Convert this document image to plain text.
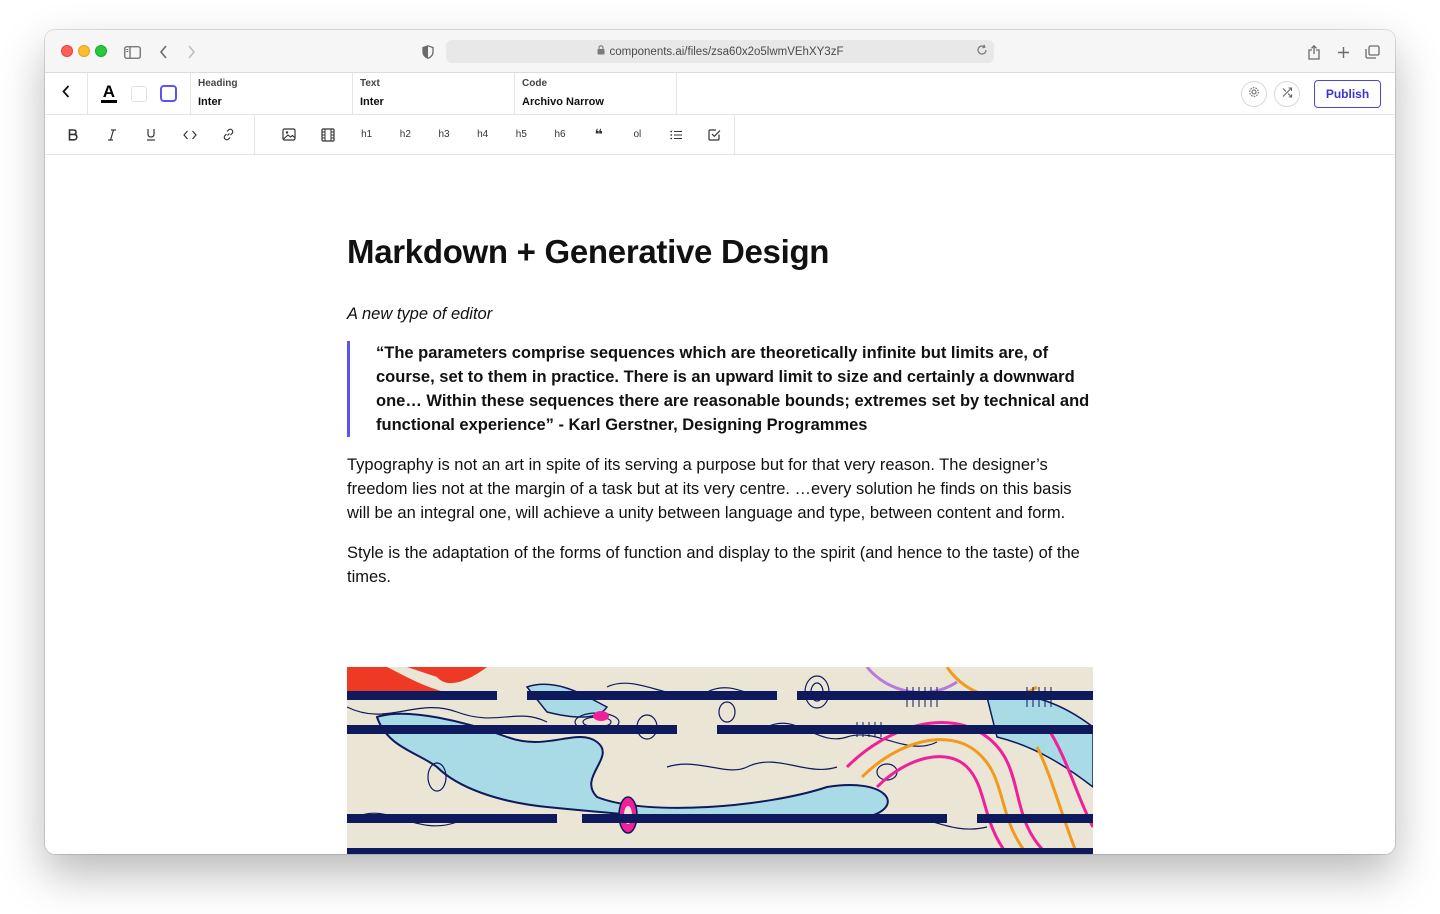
components.ai/files/zsa60x2o5lwmVEhXY3zF
A	Heading
Inter
Text
Inter
Code
Archivo Narrow
Publish
h1	h2	h3	h4	h5	h6	❝	ol
Markdown + Generative Design

A new type of editor

“The parameters comprise sequences which are theoretically infinite but limits are, of course, set to them in practice. There is an upward limit to size and certainly a downward one… Within these sequences there are reasonable bounds; extremes set by technical and functional experience” - Karl Gerstner, Designing Programmes

Typography is not an art in spite of its serving a purpose but for that very reason. The designer’s freedom lies not at the margin of a task but at its very centre. …every solution he finds on this basis will be an integral one, will achieve a unity between language and type, between content and form.

Style is the adaptation of the forms of function and display to the spirit (and hence to the taste) of the times.
